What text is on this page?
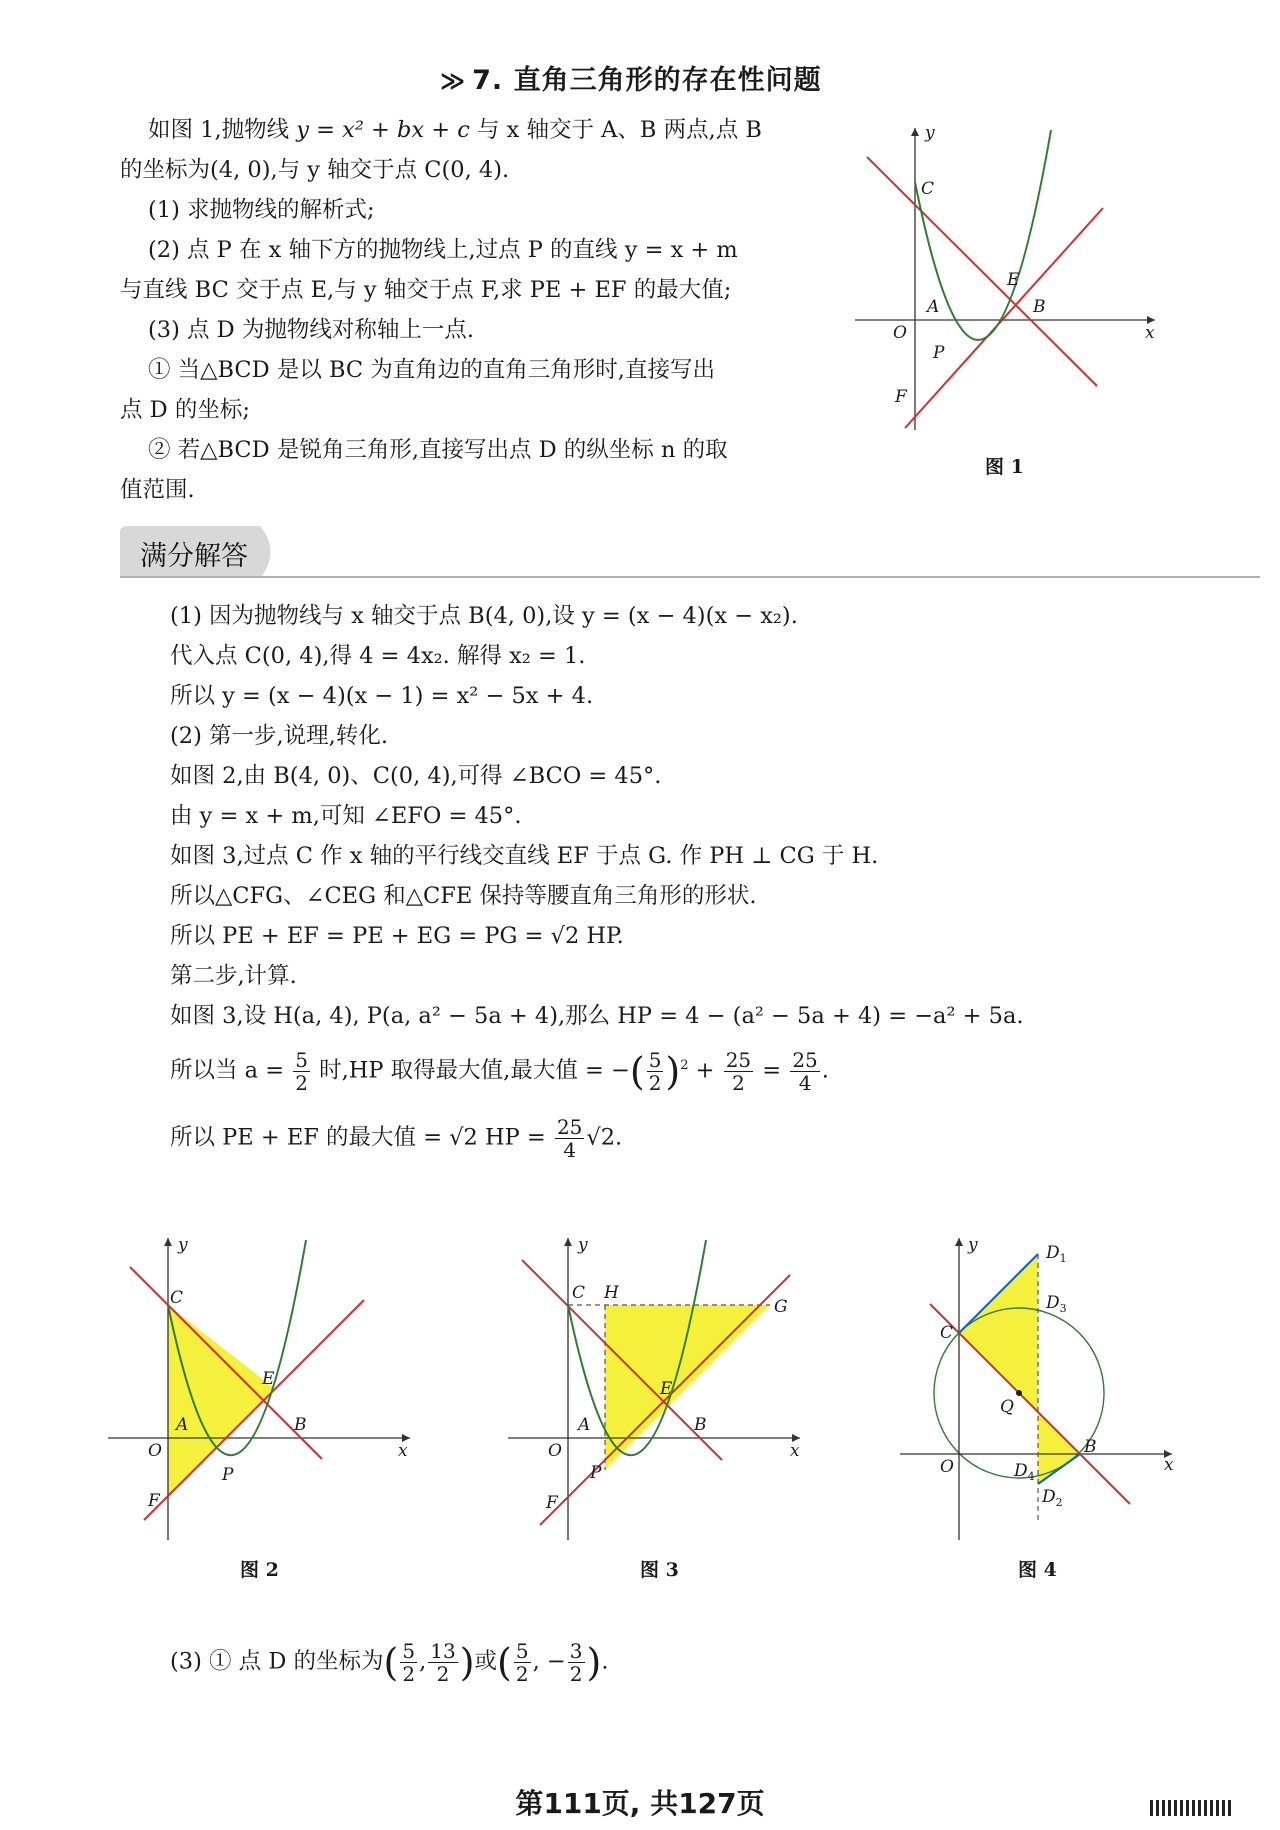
≫ 7. 直角三角形的存在性问题
如图 1,抛物线 y = x² + bx + c 与 x 轴交于 A、B 两点,点 B
的坐标为(4, 0),与 y 轴交于点 C(0, 4).
(1) 求抛物线的解析式;
(2) 点 P 在 x 轴下方的抛物线上,过点 P 的直线 y = x + m
与直线 BC 交于点 E,与 y 轴交于点 F,求 PE + EF 的最大值;
(3) 点 D 为抛物线对称轴上一点.
① 当△BCD 是以 BC 为直角边的直角三角形时,直接写出
点 D 的坐标;
② 若△BCD 是锐角三角形,直接写出点 D 的纵坐标 n 的取
值范围.
x
y
O
C
A	B
E
P
F
图 1
满分解答
(1) 因为抛物线与 x 轴交于点 B(4, 0),设 y = (x − 4)(x − x₂).
代入点 C(0, 4),得 4 = 4x₂. 解得 x₂ = 1.
所以 y = (x − 4)(x − 1) = x² − 5x + 4.
(2) 第一步,说理,转化.
如图 2,由 B(4, 0)、C(0, 4),可得 ∠BCO = 45°.
由 y = x + m,可知 ∠EFO = 45°.
如图 3,过点 C 作 x 轴的平行线交直线 EF 于点 G. 作 PH ⊥ CG 于 H.
所以△CFG、∠CEG 和△CFE 保持等腰直角三角形的形状.
所以 PE + EF = PE + EG = PG = √2 HP.
第二步,计算.
如图 3,设 H(a, 4), P(a, a² − 5a + 4),那么 HP = 4 − (a² − 5a + 4) = −a² + 5a.
所以当 $a = \frac{5}{2}$ 时,HP 取得最大值,最大值 = −( $\frac{5}{2} )^2 + \frac{25}{2} = \frac{25}{4}$ .
所以 PE + EF 的最大值 = √2 HP = $\frac{25}{4} √2$.
x
y
O
C
A	B
E
P
F
图 2
x
y
O
C H
G
A	B
E
P
F
图 3
x
y
O
C
B
Q
$D_1$
$D_3$
$D_4$
$D_2$
图 4
(3) ① 点 D 的坐标为( $\frac{5}{2}$ , $\frac{13}{2}$ )或( $\frac{5}{2}$ , − $\frac{3}{2}$ ).
第111页, 共127页
